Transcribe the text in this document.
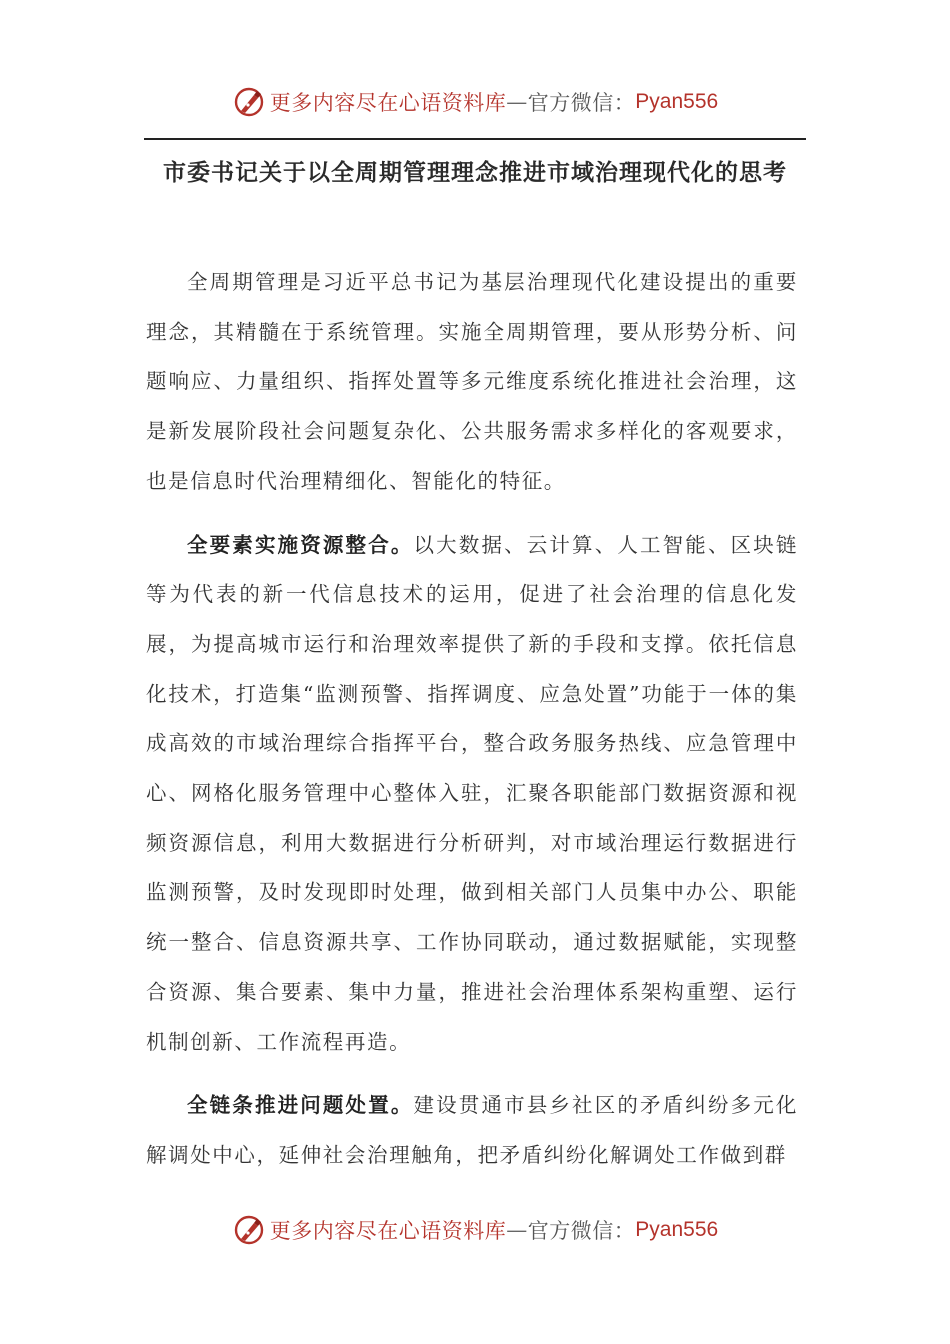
更多内容尽在心语资料库 — 官方微信： Pyan556
市委书记关于以全周期管理理念推进市域治理现代化的思考

全周期管理是习近平总书记为基层治理现代化建设提出的重要理念，其精髓在于系统管理。实施全周期管理，要从形势分析、问题响应、力量组织、指挥处置等多元维度系统化推进社会治理，这是新发展阶段社会问题复杂化、公共服务需求多样化的客观要求，也是信息时代治理精细化、智能化的特征。

全要素实施资源整合。以大数据、云计算、人工智能、区块链等为代表的新一代信息技术的运用，促进了社会治理的信息化发展，为提高城市运行和治理效率提供了新的手段和支撑。依托信息化技术，打造集“监测预警、指挥调度、应急处置”功能于一体的集成高效的市域治理综合指挥平台，整合政务服务热线、应急管理中心、网格化服务管理中心整体入驻，汇聚各职能部门数据资源和视频资源信息，利用大数据进行分析研判，对市域治理运行数据进行监测预警，及时发现即时处理，做到相关部门人员集中办公、职能统一整合、信息资源共享、工作协同联动，通过数据赋能，实现整合资源、集合要素、集中力量，推进社会治理体系架构重塑、运行机制创新、工作流程再造。

全链条推进问题处置。建设贯通市县乡社区的矛盾纠纷多元化解调处中心，延伸社会治理触角，把矛盾纠纷化解调处工作做到群

更多内容尽在心语资料库 — 官方微信： Pyan556
